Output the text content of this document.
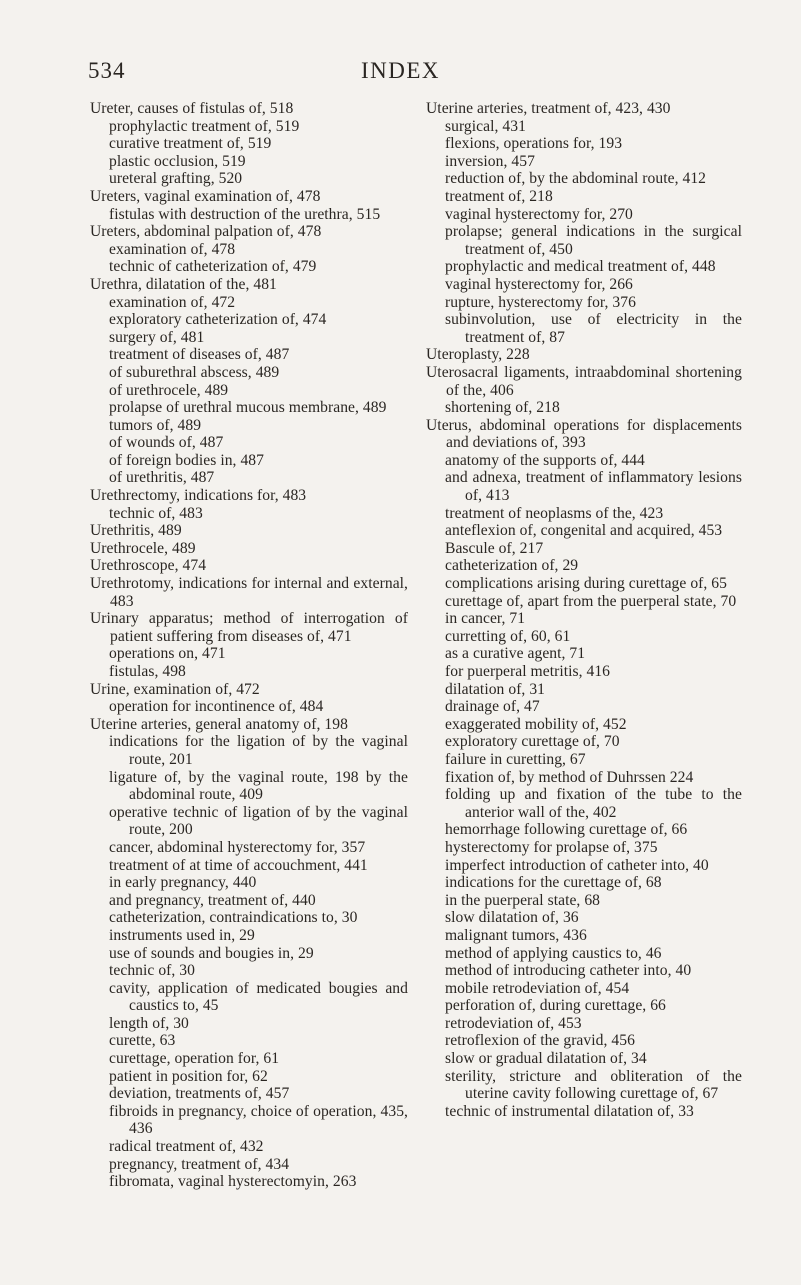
534	INDEX
Ureter, causes of fistulas of, 518
prophylactic treatment of, 519
curative treatment of, 519
plastic occlusion, 519
ureteral grafting, 520
Ureters, vaginal examination of, 478
fistulas with destruction of the urethra, 515
Ureters, abdominal palpation of, 478
examination of, 478
technic of catheterization of, 479
Urethra, dilatation of the, 481
examination of, 472
exploratory catheterization of, 474
surgery of, 481
treatment of diseases of, 487
of suburethral abscess, 489
of urethrocele, 489
prolapse of urethral mucous membrane, 489
tumors of, 489
of wounds of, 487
of foreign bodies in, 487
of urethritis, 487
Urethrectomy, indications for, 483
technic of, 483
Urethritis, 489
Urethrocele, 489
Urethroscope, 474
Urethrotomy, indications for internal and external, 483
Urinary apparatus; method of interrogation of patient suffering from diseases of, 471
operations on, 471
fistulas, 498
Urine, examination of, 472
operation for incontinence of, 484
Uterine arteries, general anatomy of, 198
indications for the ligation of by the vaginal route, 201
ligature of, by the vaginal route, 198 by the abdominal route, 409
operative technic of ligation of by the vaginal route, 200
cancer, abdominal hysterectomy for, 357
treatment of at time of accouchment, 441
in early pregnancy, 440
and pregnancy, treatment of, 440
catheterization, contraindications to, 30
instruments used in, 29
use of sounds and bougies in, 29
technic of, 30
cavity, application of medicated bougies and caustics to, 45
length of, 30
curette, 63
curettage, operation for, 61
patient in position for, 62
deviation, treatments of, 457
fibroids in pregnancy, choice of operation, 435, 436
radical treatment of, 432
pregnancy, treatment of, 434
fibromata, vaginal hysterectomyin, 263
Uterine arteries, treatment of, 423, 430
surgical, 431
flexions, operations for, 193
inversion, 457
reduction of, by the abdominal route, 412
treatment of, 218
vaginal hysterectomy for, 270
prolapse; general indications in the surgical treatment of, 450
prophylactic and medical treatment of, 448
vaginal hysterectomy for, 266
rupture, hysterectomy for, 376
subinvolution, use of electricity in the treatment of, 87
Uteroplasty, 228
Uterosacral ligaments, intraabdominal shortening of the, 406
shortening of, 218
Uterus, abdominal operations for displacements and deviations of, 393
anatomy of the supports of, 444
and adnexa, treatment of inflammatory lesions of, 413
treatment of neoplasms of the, 423
anteflexion of, congenital and acquired, 453
Bascule of, 217
catheterization of, 29
complications arising during curettage of, 65
curettage of, apart from the puerperal state, 70
in cancer, 71
curretting of, 60, 61
as a curative agent, 71
for puerperal metritis, 416
dilatation of, 31
drainage of, 47
exaggerated mobility of, 452
exploratory curettage of, 70
failure in curetting, 67
fixation of, by method of Duhrssen 224
folding up and fixation of the tube to the anterior wall of the, 402
hemorrhage following curettage of, 66
hysterectomy for prolapse of, 375
imperfect introduction of catheter into, 40
indications for the curettage of, 68
in the puerperal state, 68
slow dilatation of, 36
malignant tumors, 436
method of applying caustics to, 46
method of introducing catheter into, 40
mobile retrodeviation of, 454
perforation of, during curettage, 66
retrodeviation of, 453
retroflexion of the gravid, 456
slow or gradual dilatation of, 34
sterility, stricture and obliteration of the uterine cavity following curettage of, 67
technic of instrumental dilatation of, 33
